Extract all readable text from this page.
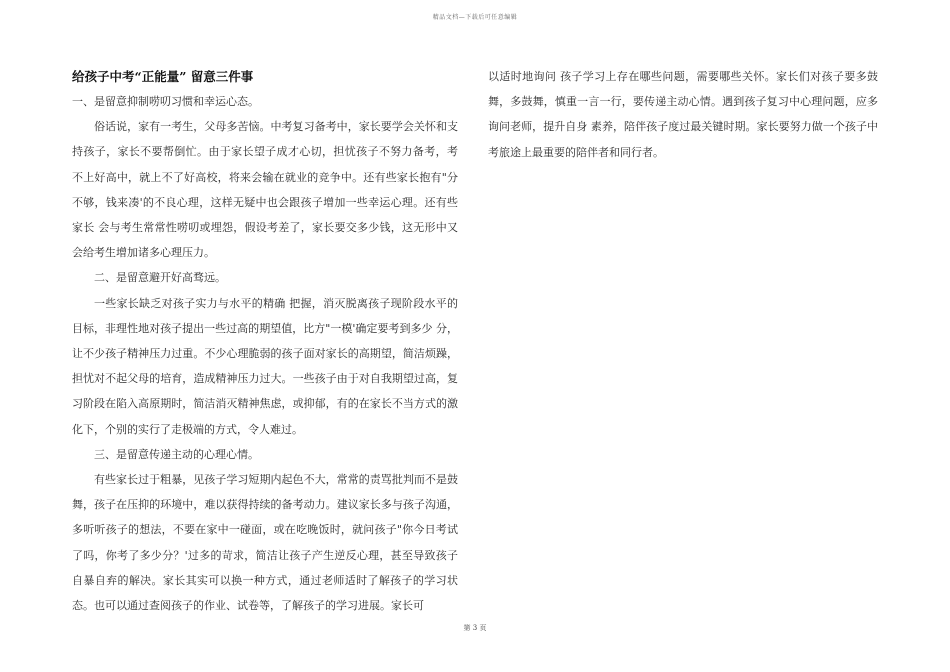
精品文档—下载后可任意编辑
给孩子中考“正能量” 留意三件事

一、是留意抑制唠叨习惯和幸运心态。

俗话说，家有一考生，父母多苦恼。中考复习备考中，家长要学会关怀和支持孩子，家长不要帮倒忙。由于家长望子成才心切，担忧孩子不努力备考，考 不上好高中，就上不了好高校，将来会输在就业的竞争中。还有些家长抱有"分不够，钱来凑'的不良心理，这样无疑中也会跟孩子增加一些幸运心理。还有些家长 会与考生常常性唠叨或埋怨，假设考差了，家长要交多少钱，这无形中又会给考生增加诸多心理压力。

二、是留意避开好高骛远。

一些家长缺乏对孩子实力与水平的精确 把握，消灭脱离孩子现阶段水平的目标，非理性地对孩子提出一些过高的期望值，比方"一模'确定要考到多少 分，让不少孩子精神压力过重。不少心理脆弱的孩子面对家长的高期望，简洁烦躁，担忧对不起父母的培育，造成精神压力过大。一些孩子由于对自我期望过高，复 习阶段在陷入高原期时，简洁消灭精神焦虑，或抑郁，有的在家长不当方式的激化下，个别的实行了走极端的方式，令人难过。

三、是留意传递主动的心理心情。

有些家长过于粗暴，见孩子学习短期内起色不大，常常的责骂批判而不是鼓舞，孩子在压抑的环境中，难以获得持续的备考动力。建议家长多与孩子沟通，多听听孩子的想法，不要在家中一碰面，或在吃晚饭时，就问孩子"你今日考试了吗，你考了多少分？'过多的苛求，简洁让孩子产生逆反心理，甚至导致孩子 自暴自弃的解决。家长其实可以换一种方式，通过老师适时了解孩子的学习状态。也可以通过查阅孩子的作业、试卷等，了解孩子的学习进展。家长可

以适时地询问 孩子学习上存在哪些问题，需要哪些关怀。家长们对孩子要多鼓舞，多鼓舞，慎重一言一行，要传递主动心情。遇到孩子复习中心理问题，应多询问老师，提升自身 素养，陪伴孩子度过最关键时期。家长要努力做一个孩子中考旅途上最重要的陪伴者和同行者。

第 3 页
